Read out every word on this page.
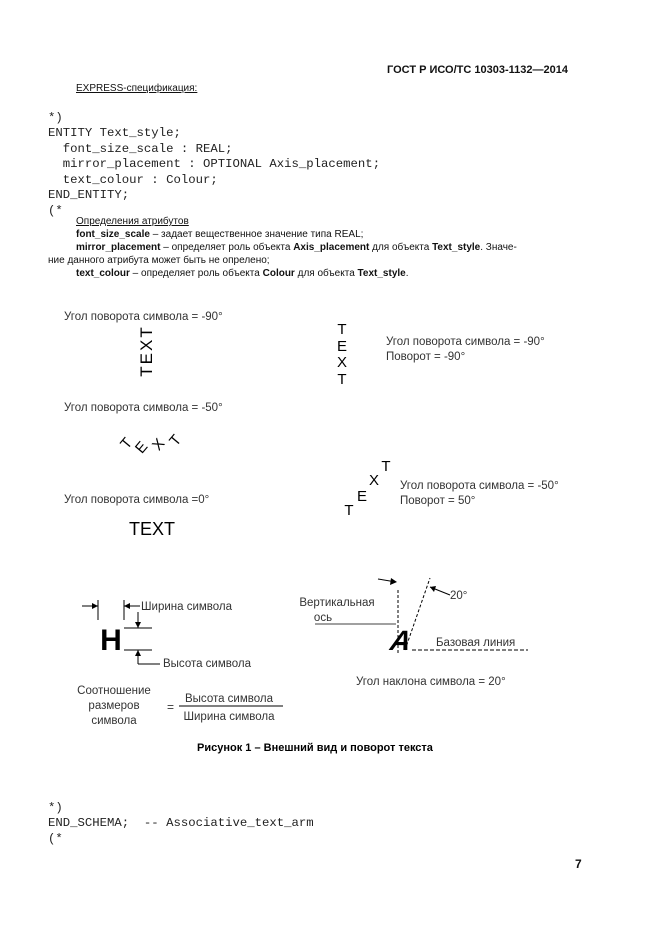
ГОСТ Р ИСО/ТС 10303-1132—2014
EXPRESS-спецификация:

*)
ENTITY Text_style;
font_size_scale : REAL;
mirror_placement : OPTIONAL Axis_placement;
text_colour : Colour;
END_ENTITY;
(*

Определения атрибутов
font_size_scale – задает вещественное значение типа REAL;
mirror_placement – определяет роль объекта Axis_placement для объекта Text_style. Значе-
ние данного атрибута может быть не опрелено;
text_colour – определяет роль объекта Colour для объекта Text_style.
Угол поворота символа = -90°
Угол поворота символа = -50°
Угол поворота символа =0°
TEXT
T
E
X
T
TEXT
T
E
X
T
Угол поворота символа = -90°
Поворот = -90°
T
E
X
T
Угол поворота символа = -50°
Поворот = 50°
H
Ширина символа
Высота символа
Соотношение
размеров
символа
=
Высота символа
Ширина символа
20°
Вертикальная
ось
A Базовая линия
Угол наклона символа = 20°
Рисунок 1 – Внешний вид и поворот текста

*)
END_SCHEMA;  -- Associative_text_arm
(*

7
